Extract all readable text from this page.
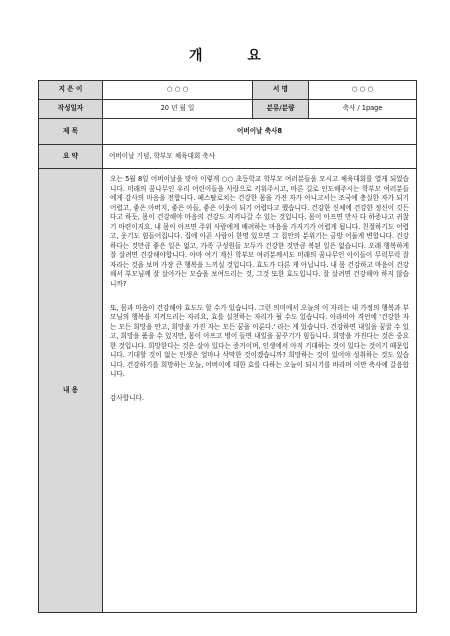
개 요
지 은 이	○ ○ ○	서 명	○ ○ ○
작성일자	20 년 월 일	분류/분량	축사 / 1page
제 목	어버이날 축사8		
요 약	어버이날 기념, 학부모 체육대회 축사		
내 용	오는 5월 8일 어버이날을 맞아 이렇게 ○○ 초등학교 학부모 여러분들을 모시고 체육대회를 열게 되었습니다. 미래의 꿈나무인 우리 어린이들을 사랑으로 키워주시고, 바른 길로 인도해주시는 학부모 여러분들에게 감사의 마음을 전합니다. 페스탈로치는 건강한 몸을 가진 자가 아니고서는 조국에 충실한 자가 되기 어렵고, 좋은 아버지, 좋은 아들, 좋은 이웃이 되기 어렵다고 했습니다. 건강한 신체에 건강한 정신이 깃든다고 하듯, 몸이 건강해야 마음의 건강도 지켜나갈 수 있는 것입니다. 몸이 아프면 만사 다 하증나고 귀찮기 마련이지요. 내 몸이 아프면 주위 사람에게 배려하는 마음을 가지기가 어렵게 됩니다. 친절하기도 어렵고, 웃기도 힘들어집니다. 집에 아픈 사람이 한명 있으면 그 집안의 분위기는 금방 어둡게 변합니다. 건강하다는 것만큼 좋은 일은 없고, 가족 구성원들 모두가 건강한 것만큼 복된 일은 없습니다. 오래 행복하게 잘 살려면 건강해야합니다. 아마 여기 계신 학부모 여러분께서도 미래의 꿈나무인 아이들이 무럭무럭 잘 자라는 것을 보며 가장 큰 행복을 느끼실 것입니다. 효도가 다른 게 아닙니다. 내 몸 건강하고 마음이 건강해서 부모님께 잘 살아가는 모습을 보여드리는 것, 그것 또한 효도입니다. 잘 살려면 건강해야 하지 않습니까?

또, 몸과 마음이 건강해야 효도도 할 수가 있습니다. 그런 의미에서 오늘의 이 자리는 내 가정의 행복과 부모님의 행복을 지켜드리는 자리요, 효를 실천하는 자리가 될 수도 있습니다. 아라비아 격언에 '건강한 자는 모든 희망을 안고, 희망을 가진 자는 모든 꿈을 이룬다.' 라는 게 있습니다. 건강하면 내일을 꿈꿀 수 있고, 희망을 품을 수 있지만, 몸이 아프고 병이 들면 내일을 꿈꾸기가 힘듭니다. 희망을 가진다는 것은 중요한 것입니다. 희망한다는 것은 살아 있다는 증거이며, 인생에서 아직 기대하는 것이 있다는 것이기 때문입니다. 기대할 것이 없는 인생은 얼마나 삭막한 것이겠습니까? 희망하는 것이 있어야 성취하는 것도 있습니다. 건강하기를 희망하는 오늘, 어버이에 대한 효를 다하는 오늘이 되시기를 바라며 이만 축사에 갈음합니다.

감사합니다.		
